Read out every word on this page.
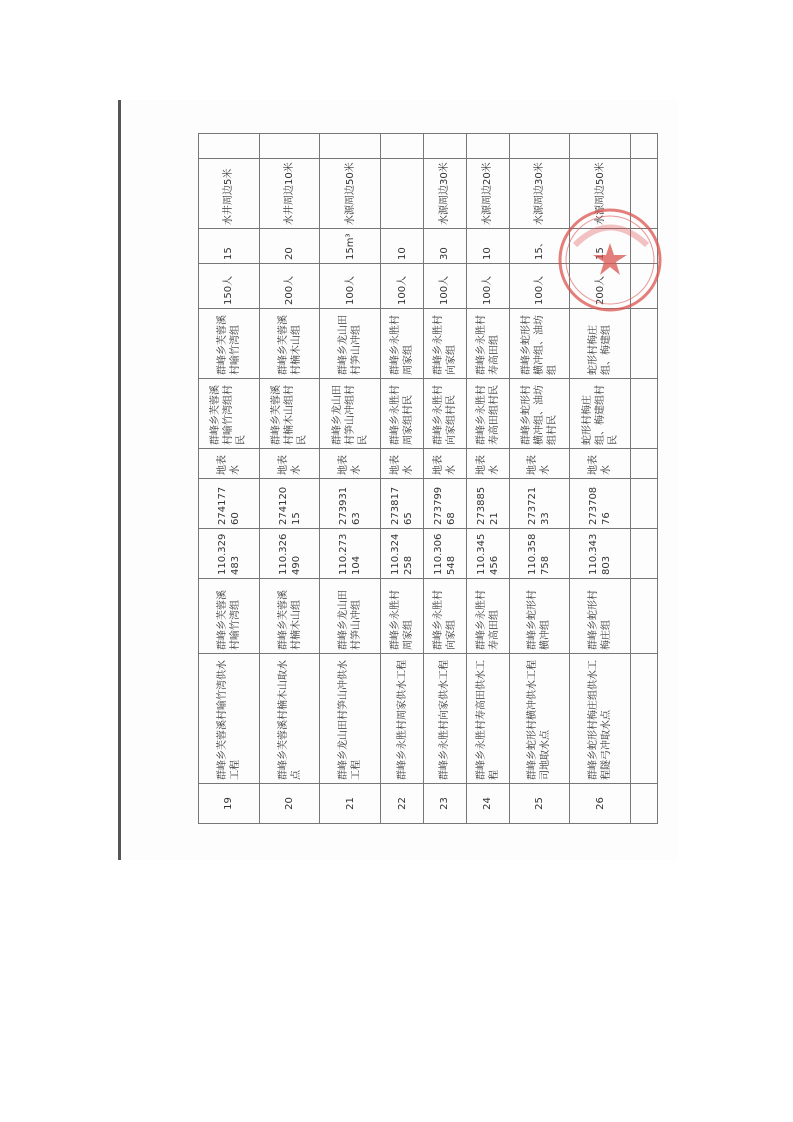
19	群峰乡芙蓉溪村喻竹湾供水工程	群峰乡芙蓉溪村喻竹湾组	110.329483	27417760	地表水	群峰乡芙蓉溪村喻竹湾组村民	群峰乡芙蓉溪村喻竹湾组	150人	15	水井周边5米	
20	群峰乡芙蓉溪村楠木山取水点	群峰乡芙蓉溪村楠木山组	110.326490	27412015	地表水	群峰乡芙蓉溪村楠木山组村民	群峰乡芙蓉溪村楠木山组	200人	20	水井周边10米	
21	群峰乡龙山田村笋山冲供水工程	群峰乡龙山田村笋山冲组	110.273104	27393163	地表水	群峰乡龙山田村笋山冲组村民	群峰乡龙山田村笋山冲组	100人	15m³	水源周边50米	
22	群峰乡永胜村周家供水工程	群峰乡永胜村周家组	110.324258	27381765	地表水	群峰乡永胜村周家组村民	群峰乡永胜村周家组	100人	10		
23	群峰乡永胜村向家供水工程	群峰乡永胜村向家组	110.306548	27379968	地表水	群峰乡永胜村向家组村民	群峰乡永胜村向家组	100人	30	水源周边30米	
24	群峰乡永胜村寿高田供水工程	群峰乡永胜村寿高田组	110.345456	27388521	地表水	群峰乡永胜村寿高田组村民	群峰乡永胜村寿高田组	100人	10	水源周边20米	
25	群峰乡蛇形村横冲供水工程司地取水点	群峰乡蛇形村横冲组	110.358758	27372133	地表水	群峰乡蛇形村横冲组、油坊组村民	群峰乡蛇形村横冲组、油坊组	100人	15、	水源周边30米	
26	群峰乡蛇形村梅庄组供水工程隧弓冲取水点	群峰乡蛇形村梅庄组	110.343803	27370876	地表水	蛇形村梅庄组、梅建组村民	蛇形村梅庄组、梅建组	200人	15	水源周边50米	
